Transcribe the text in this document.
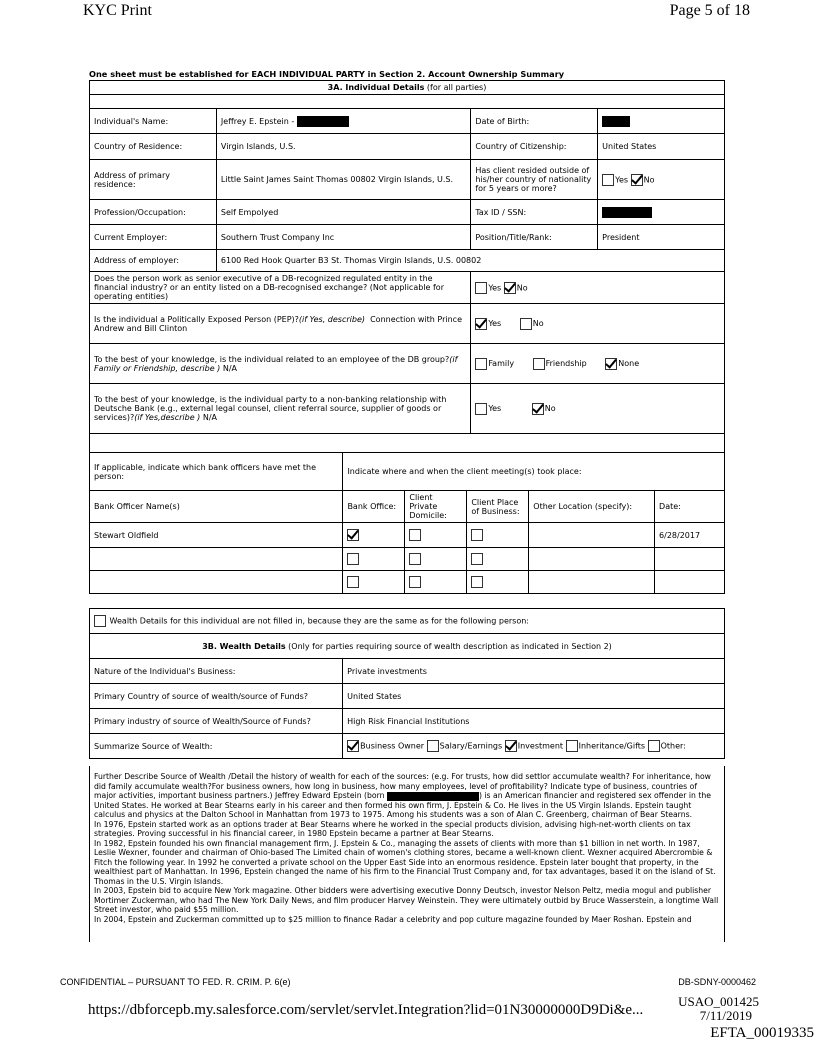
KYC Print	Page 5 of 18
One sheet must be established for EACH INDIVIDUAL PARTY in Section 2. Account Ownership Summary
3A. Individual Details (for all parties)			

Individual's Name:	Jeffrey E. Epstein -	Date of Birth:	
Country of Residence:	Virgin Islands, U.S.	Country of Citizenship:	United States
Address of primary residence:	Little Saint James Saint Thomas 00802 Virgin Islands, U.S.	Has client resided outside of his/her country of nationality for 5 years or more?	Yes No
Profession/Occupation:	Self Empolyed	Tax ID / SSN:	
Current Employer:	Southern Trust Company Inc	Position/Title/Rank:	President
Address of employer:	6100 Red Hook Quarter B3 St. Thomas Virgin Islands, U.S. 00802		
Does the person work as senior executive of a DB-recognized regulated entity in the financial industry? or an entity listed on a DB-recognised exchange? (Not applicable for operating entities)		Yes No	
Is the individual a Politically Exposed Person (PEP)?(if Yes, describe) Connection with Prince Andrew and Bill Clinton		Yes No	
To the best of your knowledge, is the individual related to an employee of the DB group?(if Family or Friendship, describe ) N/A		Family Friendship None	
To the best of your knowledge, is the individual party to a non-banking relationship with Deutsche Bank (e.g., external legal counsel, client referral source, supplier of goods or services)?(if Yes,describe ) N/A		Yes No	

If applicable, indicate which bank officers have met the person:	Indicate where and when the client meeting(s) took place:				
Bank Officer Name(s)	Bank Office:	Client Private Domicile:	Client Place of Business:	Other Location (specify):	Date:
Stewart Oldfield					6/28/2017

Wealth Details for this individual are not filled in, because they are the same as for the following person:	
3B. Wealth Details (Only for parties requiring source of wealth description as indicated in Section 2)	
Nature of the Individual's Business:	Private investments
Primary Country of source of wealth/source of Funds?	United States
Primary industry of source of Wealth/Source of Funds?	High Risk Financial Institutions
Summarize Source of Wealth:	Business Owner Salary/Earnings Investment Inheritance/Gifts Other:

Further Describe Source of Wealth /Detail the history of wealth for each of the sources: (e.g. For trusts, how did settlor accumulate wealth? For inheritance, how did family accumulate wealth?For business owners, how long in business, how many employees, level of profitability? Indicate type of business, countries of major activities, important business partners.) Jeffrey Edward Epstein (born	) is an American financier and registered sex offender in the United States. He worked at Bear Stearns early in his career and then formed his own firm, J. Epstein & Co. He lives in the US Virgin Islands. Epstein taught calculus and physics at the Dalton School in Manhattan from 1973 to 1975. Among his students was a son of Alan C. Greenberg, chairman of Bear Stearns.

In 1976, Epstein started work as an options trader at Bear Stearns where he worked in the special products division, advising high-net-worth clients on tax strategies. Proving successful in his financial career, in 1980 Epstein became a partner at Bear Stearns.

In 1982, Epstein founded his own financial management firm, J. Epstein & Co., managing the assets of clients with more than $1 billion in net worth. In 1987, Leslie Wexner, founder and chairman of Ohio-based The Limited chain of women's clothing stores, became a well-known client. Wexner acquired Abercrombie & Fitch the following year. In 1992 he converted a private school on the Upper East Side into an enormous residence. Epstein later bought that property, in the wealthiest part of Manhattan. In 1996, Epstein changed the name of his firm to the Financial Trust Company and, for tax advantages, based it on the island of St. Thomas in the U.S. Virgin Islands.

In 2003, Epstein bid to acquire New York magazine. Other bidders were advertising executive Donny Deutsch, investor Nelson Peltz, media mogul and publisher Mortimer Zuckerman, who had The New York Daily News, and film producer Harvey Weinstein. They were ultimately outbid by Bruce Wasserstein, a longtime Wall Street investor, who paid $55 million.

In 2004, Epstein and Zuckerman committed up to $25 million to finance Radar a celebrity and pop culture magazine founded by Maer Roshan. Epstein and

CONFIDENTIAL – PURSUANT TO FED. R. CRIM. P. 6(e)	DB-SDNY-0000462
https://dbforcepb.my.salesforce.com/servlet/servlet.Integration?lid=01N30000000D9Di&e...
USAO_001425
7/11/2019
EFTA_00019335
